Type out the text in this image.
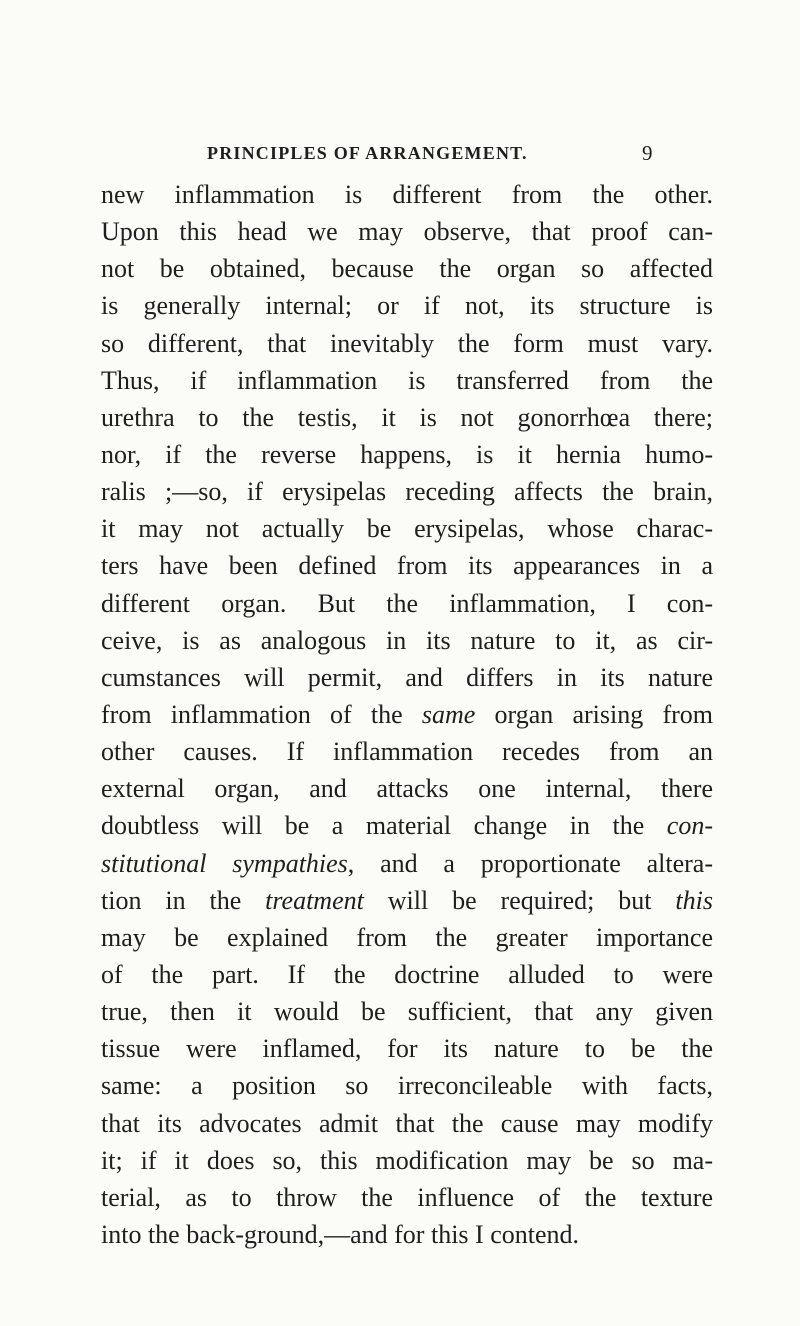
PRINCIPLES OF ARRANGEMENT.	9
new inflammation is different from the other.
Upon this head we may observe, that proof can-
not be obtained, because the organ so affected
is generally internal; or if not, its structure is
so different, that inevitably the form must vary.
Thus, if inflammation is transferred from the
urethra to the testis, it is not gonorrhœa there;
nor, if the reverse happens, is it hernia humo-
ralis ;—so, if erysipelas receding affects the brain,
it may not actually be erysipelas, whose charac-
ters have been defined from its appearances in a
different organ. But the inflammation, I con-
ceive, is as analogous in its nature to it, as cir-
cumstances will permit, and differs in its nature
from inflammation of the same organ arising from
other causes. If inflammation recedes from an
external organ, and attacks one internal, there
doubtless will be a material change in the con-
stitutional sympathies, and a proportionate altera-
tion in the treatment will be required; but this
may be explained from the greater importance
of the part. If the doctrine alluded to were
true, then it would be sufficient, that any given
tissue were inflamed, for its nature to be the
same: a position so irreconcileable with facts,
that its advocates admit that the cause may modify
it; if it does so, this modification may be so ma-
terial, as to throw the influence of the texture
into the back-ground,—and for this I contend.
